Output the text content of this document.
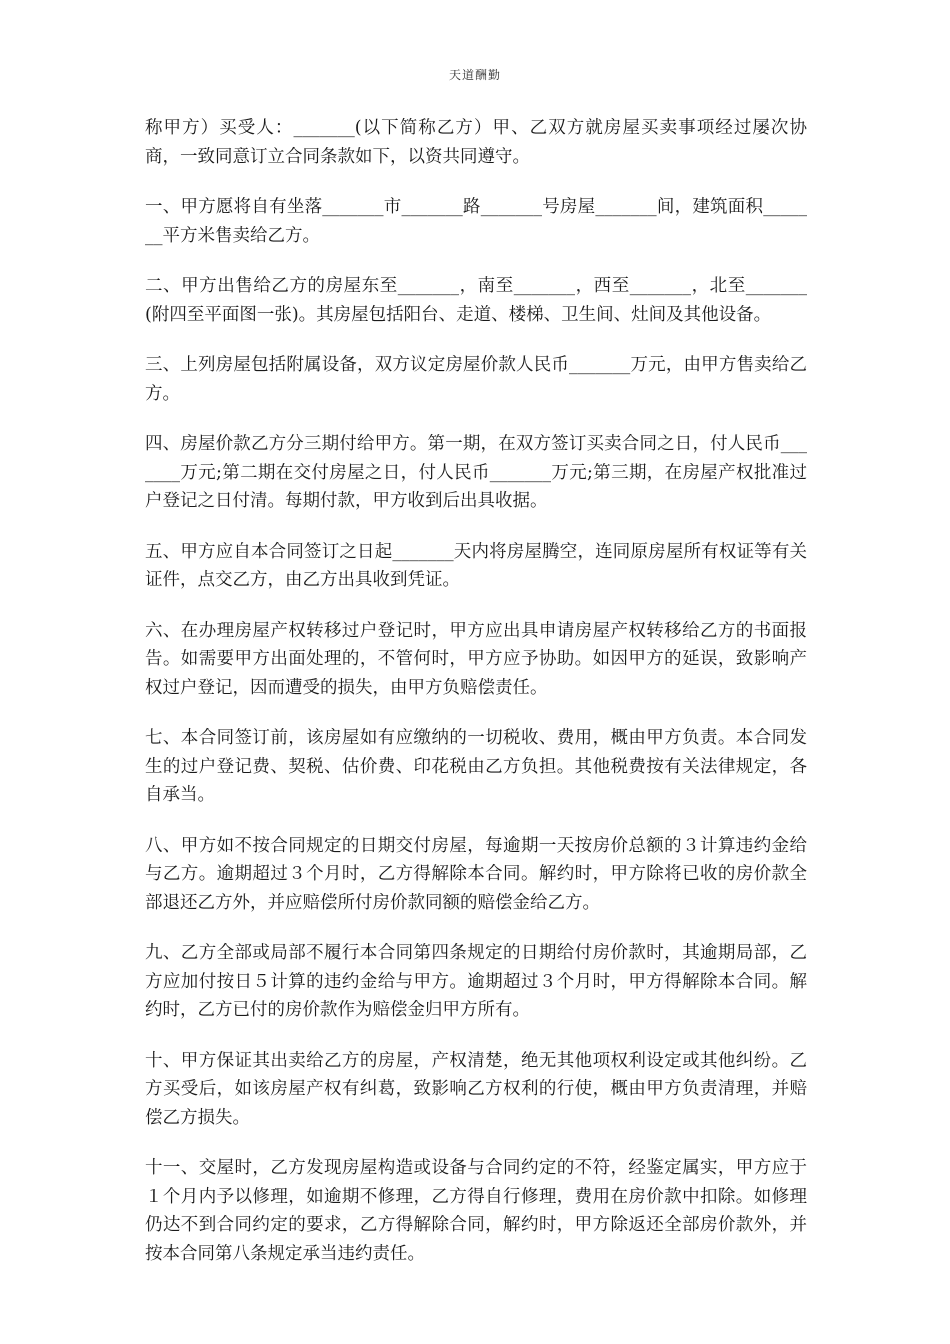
天道酬勤

称甲方）买受人：_______(以下简称乙方）甲、乙双方就房屋买卖事项经过屡次协商，一致同意订立合同条款如下，以资共同遵守。

一、甲方愿将自有坐落_______市_______路_______号房屋_______间，建筑面积_______平方米售卖给乙方。

二、甲方出售给乙方的房屋东至_______，南至_______，西至_______，北至_______(附四至平面图一张)。其房屋包括阳台、走道、楼梯、卫生间、灶间及其他设备。

三、上列房屋包括附属设备，双方议定房屋价款人民币_______万元，由甲方售卖给乙方。

四、房屋价款乙方分三期付给甲方。第一期，在双方签订买卖合同之日，付人民币_______万元;第二期在交付房屋之日，付人民币_______万元;第三期，在房屋产权批准过户登记之日付清。每期付款，甲方收到后出具收据。

五、甲方应自本合同签订之日起_______天内将房屋腾空，连同原房屋所有权证等有关证件，点交乙方，由乙方出具收到凭证。

六、在办理房屋产权转移过户登记时，甲方应出具申请房屋产权转移给乙方的书面报告。如需要甲方出面处理的，不管何时，甲方应予协助。如因甲方的延误，致影响产权过户登记，因而遭受的损失，由甲方负赔偿责任。

七、本合同签订前，该房屋如有应缴纳的一切税收、费用，概由甲方负责。本合同发生的过户登记费、契税、估价费、印花税由乙方负担。其他税费按有关法律规定，各自承当。

八、甲方如不按合同规定的日期交付房屋，每逾期一天按房价总额的３计算违约金给与乙方。逾期超过３个月时，乙方得解除本合同。解约时，甲方除将已收的房价款全部退还乙方外，并应赔偿所付房价款同额的赔偿金给乙方。

九、乙方全部或局部不履行本合同第四条规定的日期给付房价款时，其逾期局部，乙方应加付按日５计算的违约金给与甲方。逾期超过３个月时，甲方得解除本合同。解约时，乙方已付的房价款作为赔偿金归甲方所有。

十、甲方保证其出卖给乙方的房屋，产权清楚，绝无其他项权利设定或其他纠纷。乙方买受后，如该房屋产权有纠葛，致影响乙方权利的行使，概由甲方负责清理，并赔偿乙方损失。

十一、交屋时，乙方发现房屋构造或设备与合同约定的不符，经鉴定属实，甲方应于１个月内予以修理，如逾期不修理，乙方得自行修理，费用在房价款中扣除。如修理仍达不到合同约定的要求，乙方得解除合同，解约时，甲方除返还全部房价款外，并按本合同第八条规定承当违约责任。
